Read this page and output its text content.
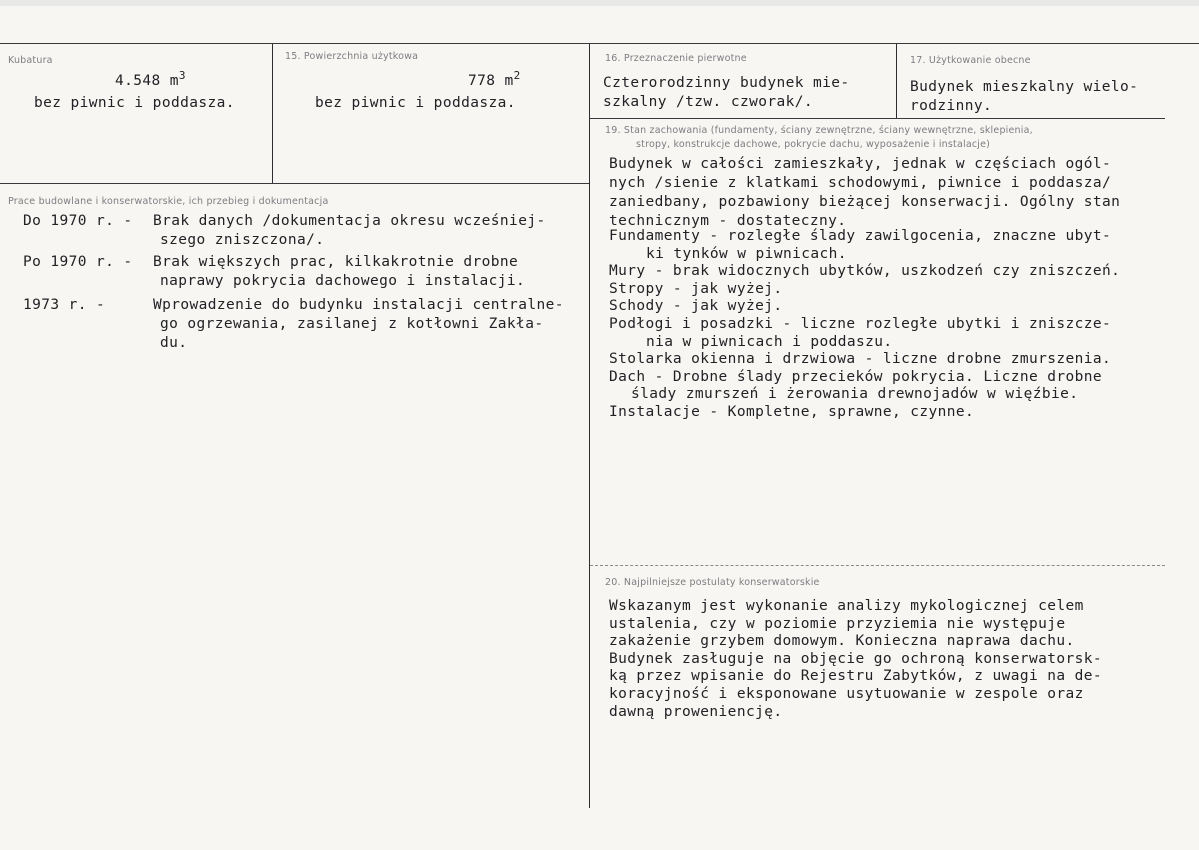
Kubatura
4.548 $m^3$
bez piwnic i poddasza.
15. Powierzchnia użytkowa
778 $m^2$
bez piwnic i poddasza.
16. Przeznaczenie pierwotne
Czterorodzinny budynek mie-
szkalny /tzw. czworak/.
17. Użytkowanie obecne
Budynek mieszkalny wielo-
rodzinny.
Prace budowlane i konserwatorskie, ich przebieg i dokumentacja
Do 1970 r. - Brak danych /dokumentacja okresu wcześniej-
szego zniszczona/.
Po 1970 r. - Brak większych prac, kilkakrotnie drobne
naprawy pokrycia dachowego i instalacji.
1973 r. -	Wprowadzenie do budynku instalacji centralne-
go ogrzewania, zasilanej z kotłowni Zakła-
du.
19. Stan zachowania (fundamenty, ściany zewnętrzne, ściany wewnętrzne, sklepienia,
stropy, konstrukcje dachowe, pokrycie dachu, wyposażenie i instalacje)
Budynek w całości zamieszkały, jednak w częściach ogól-
nych /sienie z klatkami schodowymi, piwnice i poddasza/
zaniedbany, pozbawiony bieżącej konserwacji. Ogólny stan
technicznym - dostateczny.
Fundamenty - rozległe ślady zawilgocenia, znaczne ubyt-
ki tynków w piwnicach.
Mury - brak widocznych ubytków, uszkodzeń czy zniszczeń.
Stropy - jak wyżej.
Schody - jak wyżej.
Podłogi i posadzki - liczne rozległe ubytki i zniszcze-
nia w piwnicach i poddaszu.
Stolarka okienna i drzwiowa - liczne drobne zmurszenia.
Dach - Drobne ślady przecieków pokrycia. Liczne drobne
ślady zmurszeń i żerowania drewnojadów w więźbie.
Instalacje - Kompletne, sprawne, czynne.
20. Najpilniejsze postulaty konserwatorskie
Wskazanym jest wykonanie analizy mykologicznej celem
ustalenia, czy w poziomie przyziemia nie występuje
zakażenie grzybem domowym. Konieczna naprawa dachu.
Budynek zasługuje na objęcie go ochroną konserwatorsk-
ką przez wpisanie do Rejestru Zabytków, z uwagi na de-
koracyjność i eksponowane usytuowanie w zespole oraz
dawną proweniencję.
